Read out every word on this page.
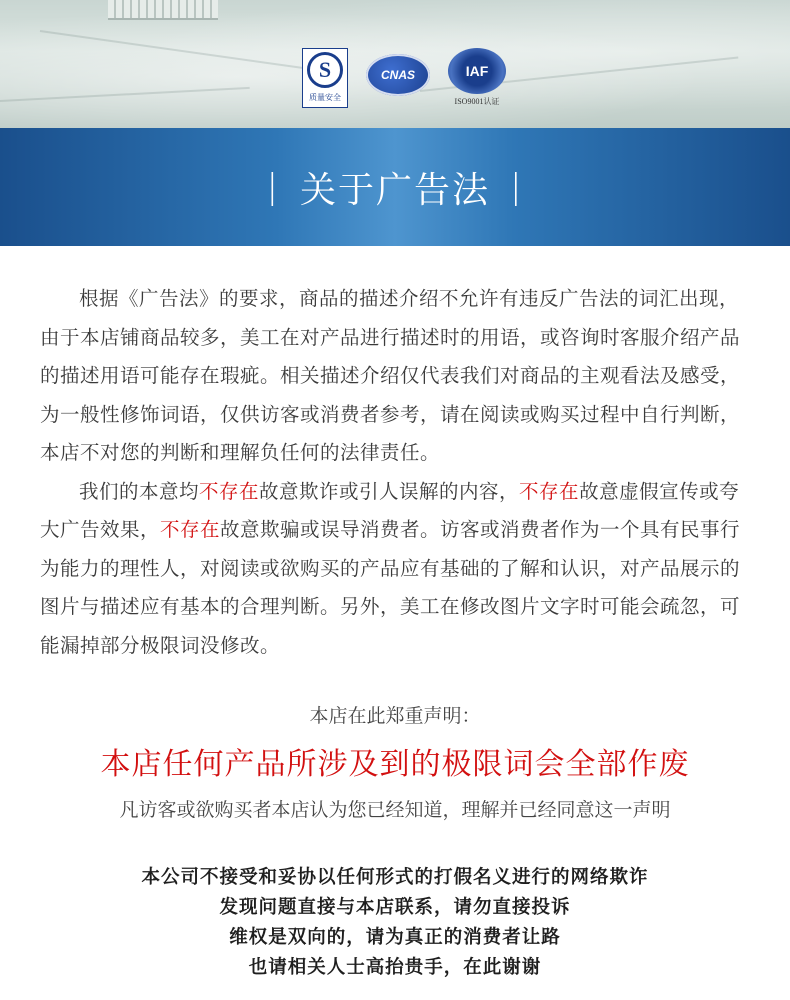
S
质量安全
CNAS	IAF
ISO9001认证
| 关于广告法 |

根据《广告法》的要求，商品的描述介绍不允许有违反广告法的词汇出现，由于本店铺商品较多，美工在对产品进行描述时的用语，或咨询时客服介绍产品的描述用语可能存在瑕疵。相关描述介绍仅代表我们对商品的主观看法及感受，为一般性修饰词语，仅供访客或消费者参考，请在阅读或购买过程中自行判断，本店不对您的判断和理解负任何的法律责任。

我们的本意均不存在故意欺诈或引人误解的内容，不存在故意虚假宣传或夸大广告效果，不存在故意欺骗或误导消费者。访客或消费者作为一个具有民事行为能力的理性人，对阅读或欲购买的产品应有基础的了解和认识，对产品展示的图片与描述应有基本的合理判断。另外，美工在修改图片文字时可能会疏忽，可能漏掉部分极限词没修改。

本店在此郑重声明：
本店任何产品所涉及到的极限词会全部作废
凡访客或欲购买者本店认为您已经知道，理解并已经同意这一声明
本公司不接受和妥协以任何形式的打假名义进行的网络欺诈
发现问题直接与本店联系，请勿直接投诉
维权是双向的，请为真正的消费者让路
也请相关人士高抬贵手，在此谢谢
